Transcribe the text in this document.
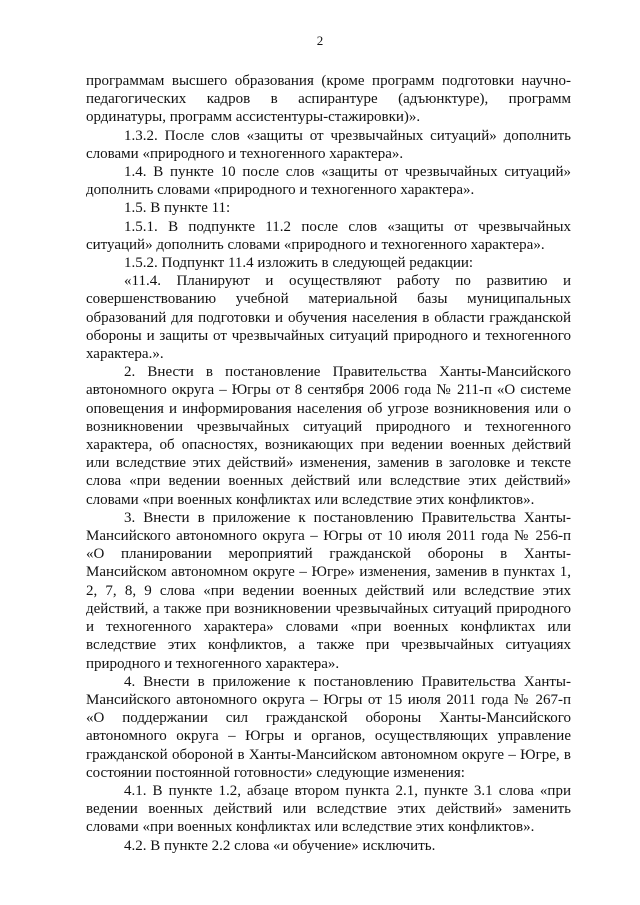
2

программам высшего образования (кроме программ подготовки научно-педагогических кадров в аспирантуре (адъюнктуре), программ ординатуры, программ ассистентуры-стажировки)».

1.3.2. После слов «защиты от чрезвычайных ситуаций» дополнить словами «природного и техногенного характера».

1.4. В пункте 10 после слов «защиты от чрезвычайных ситуаций» дополнить словами «природного и техногенного характера».

1.5. В пункте 11:

1.5.1. В подпункте 11.2 после слов «защиты от чрезвычайных ситуаций» дополнить словами «природного и техногенного характера».

1.5.2. Подпункт 11.4 изложить в следующей редакции:

«11.4. Планируют и осуществляют работу по развитию и совершенствованию учебной материальной базы муниципальных образований для подготовки и обучения населения в области гражданской обороны и защиты от чрезвычайных ситуаций природного и техногенного характера.».

2. Внести в постановление Правительства Ханты-Мансийского автономного округа – Югры от 8 сентября 2006 года № 211-п «О системе оповещения и информирования населения об угрозе возникновения или о возникновении чрезвычайных ситуаций природного и техногенного характера, об опасностях, возникающих при ведении военных действий или вследствие этих действий» изменения, заменив в заголовке и тексте слова «при ведении военных действий или вследствие этих действий» словами «при военных конфликтах или вследствие этих конфликтов».

3. Внести в приложение к постановлению Правительства Ханты-Мансийского автономного округа – Югры от 10 июля 2011 года № 256-п «О планировании мероприятий гражданской обороны в Ханты-Мансийском автономном округе – Югре» изменения, заменив в пунктах 1, 2, 7, 8, 9 слова «при ведении военных действий или вследствие этих действий, а также при возникновении чрезвычайных ситуаций природного и техногенного характера» словами «при военных конфликтах или вследствие этих конфликтов, а также при чрезвычайных ситуациях природного и техногенного характера».

4. Внести в приложение к постановлению Правительства Ханты-Мансийского автономного округа – Югры от 15 июля 2011 года № 267-п «О поддержании сил гражданской обороны Ханты-Мансийского автономного округа – Югры и органов, осуществляющих управление гражданской обороной в Ханты-Мансийском автономном округе – Югре, в состоянии постоянной готовности» следующие изменения:

4.1. В пункте 1.2, абзаце втором пункта 2.1, пункте 3.1 слова «при ведении военных действий или вследствие этих действий» заменить словами «при военных конфликтах или вследствие этих конфликтов».

4.2. В пункте 2.2 слова «и обучение» исключить.
